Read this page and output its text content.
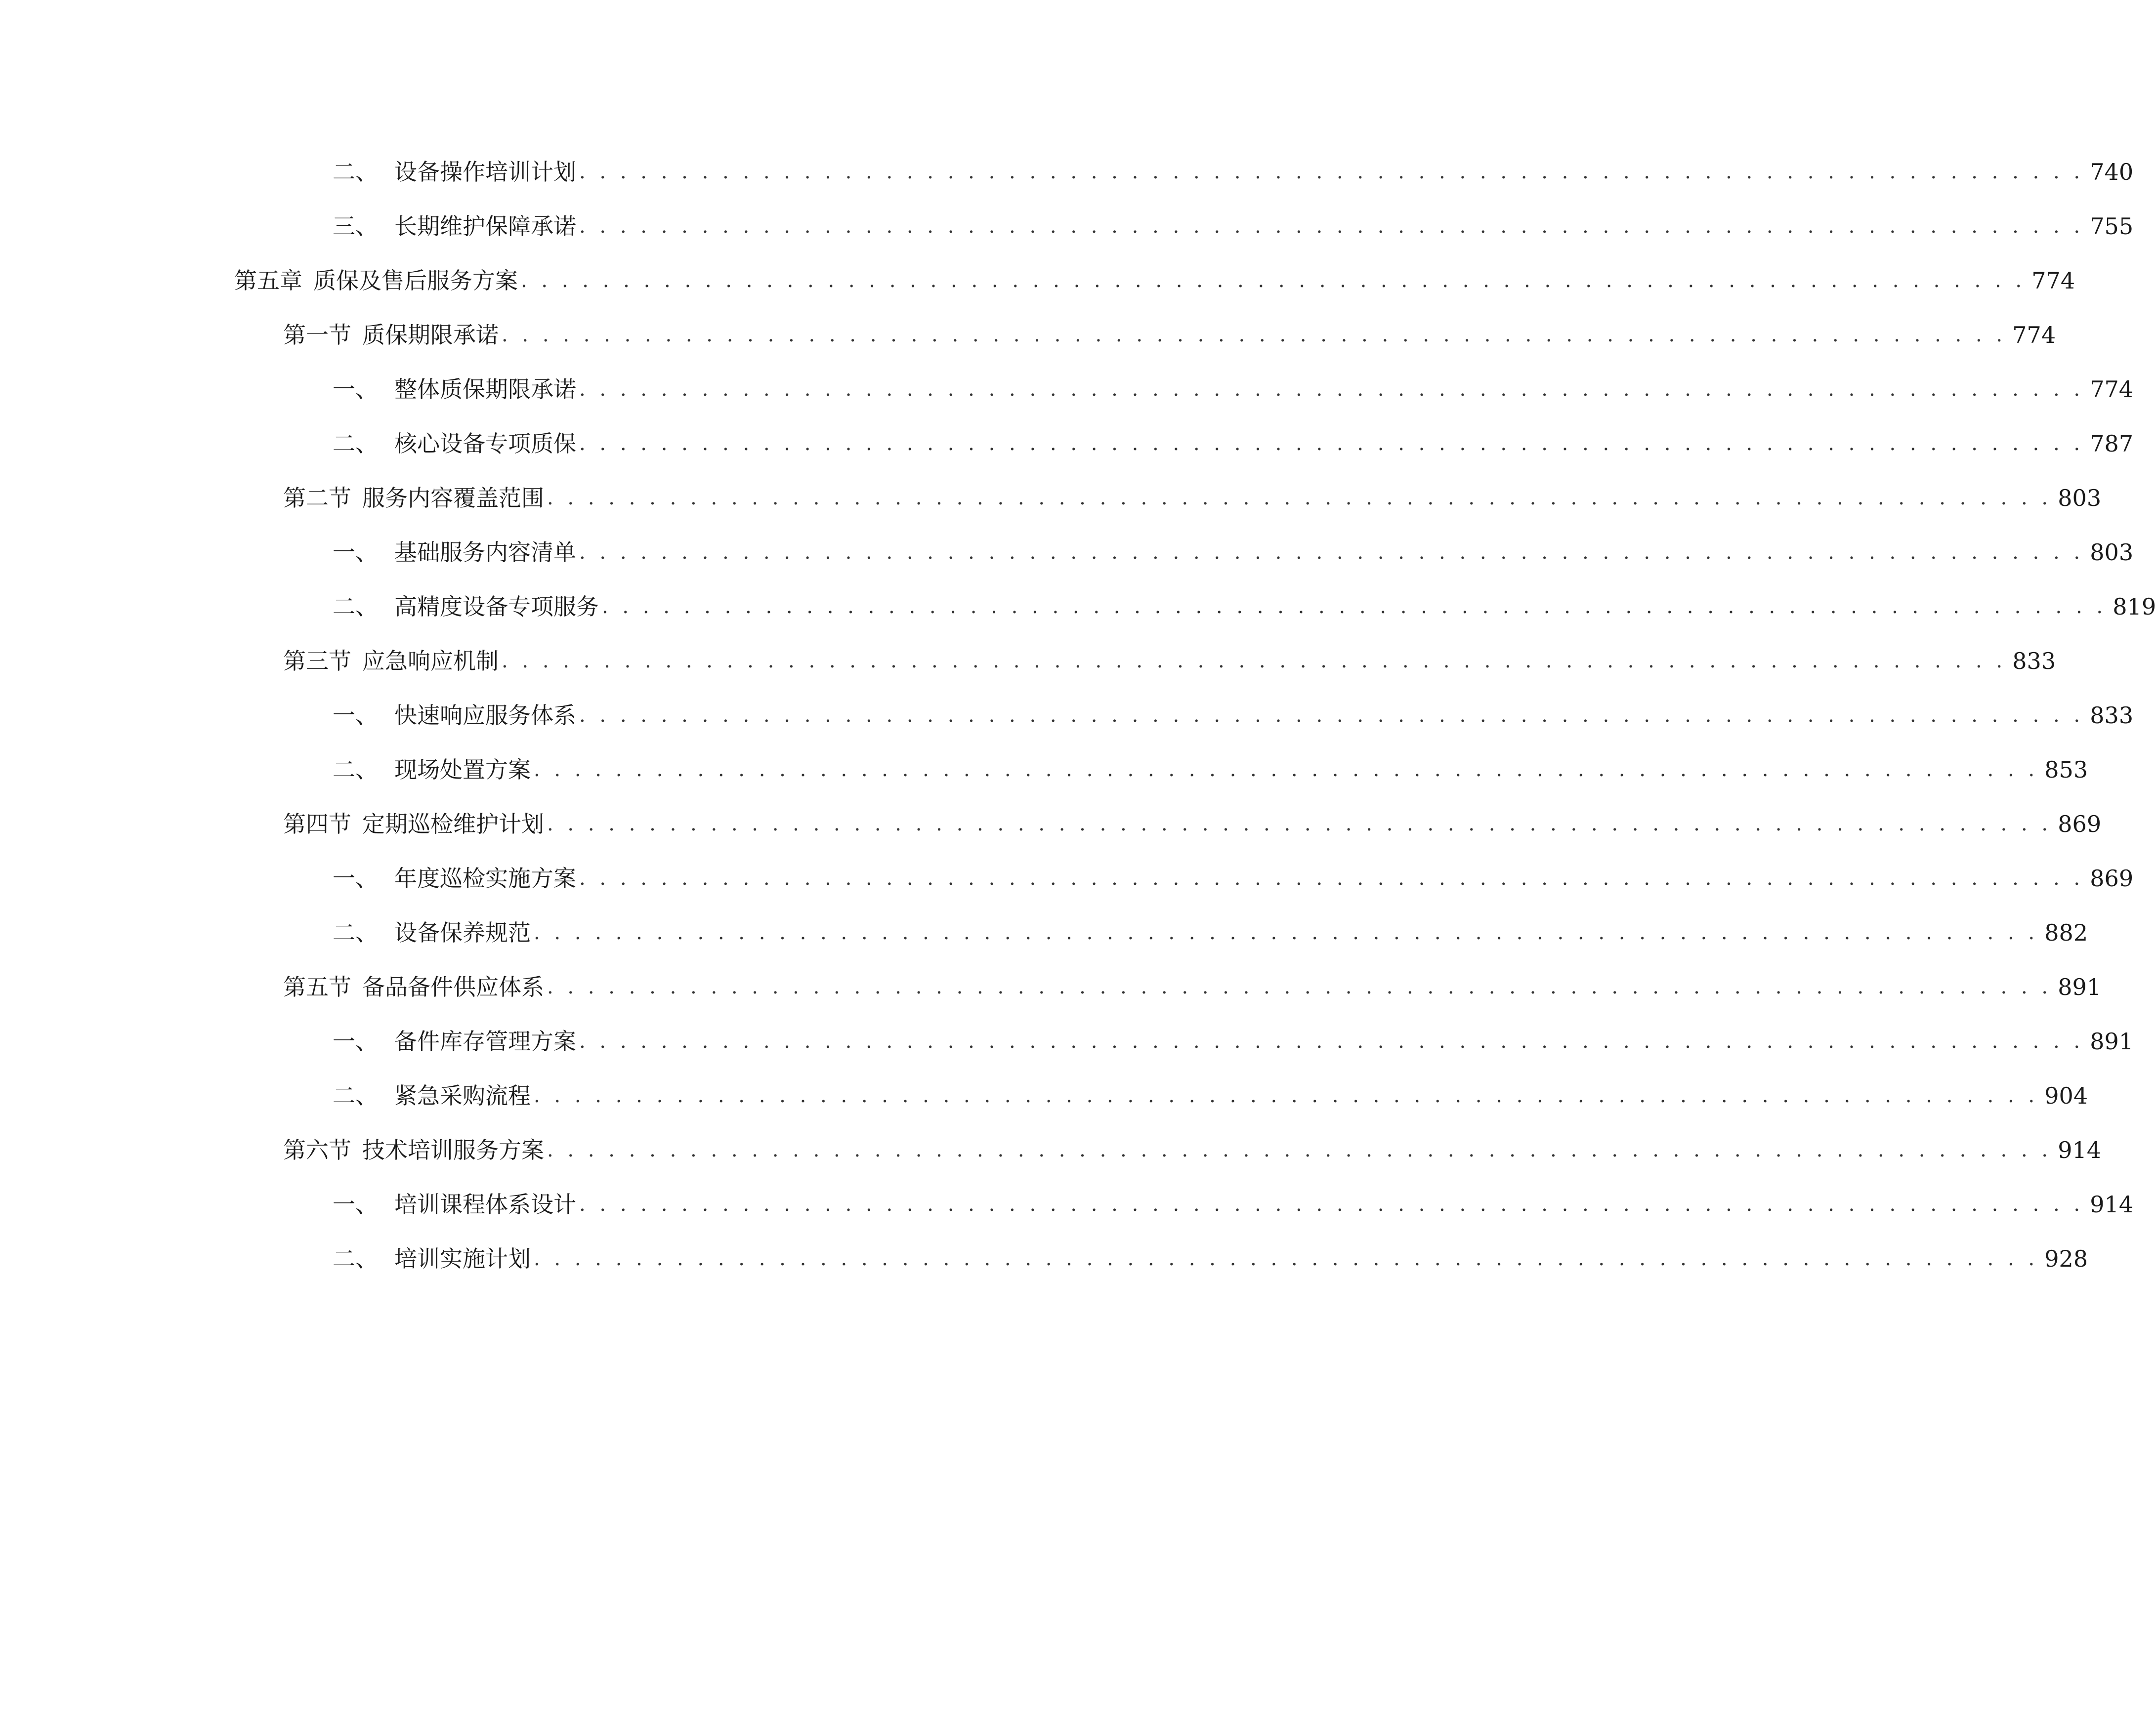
二、 设备操作培训计划 . . . . . . . . . . . . . . . . . . . . . . . . . . . . . . . . . . . . . . . . . . . . . . . . . . . . . . . . . . . . . . . . . . . . . . . . . . 740
三、 长期维护保障承诺 . . . . . . . . . . . . . . . . . . . . . . . . . . . . . . . . . . . . . . . . . . . . . . . . . . . . . . . . . . . . . . . . . . . . . . . . . . 755
第五章 质保及售后服务方案 . . . . . . . . . . . . . . . . . . . . . . . . . . . . . . . . . . . . . . . . . . . . . . . . . . . . . . . . . . . . . . . . . . . . . . . . . . 774
第一节 质保期限承诺 . . . . . . . . . . . . . . . . . . . . . . . . . . . . . . . . . . . . . . . . . . . . . . . . . . . . . . . . . . . . . . . . . . . . . . . . . . 774
一、 整体质保期限承诺 . . . . . . . . . . . . . . . . . . . . . . . . . . . . . . . . . . . . . . . . . . . . . . . . . . . . . . . . . . . . . . . . . . . . . . . . . . 774
二、 核心设备专项质保 . . . . . . . . . . . . . . . . . . . . . . . . . . . . . . . . . . . . . . . . . . . . . . . . . . . . . . . . . . . . . . . . . . . . . . . . . . 787
第二节 服务内容覆盖范围 . . . . . . . . . . . . . . . . . . . . . . . . . . . . . . . . . . . . . . . . . . . . . . . . . . . . . . . . . . . . . . . . . . . . . . . . . . 803
一、 基础服务内容清单 . . . . . . . . . . . . . . . . . . . . . . . . . . . . . . . . . . . . . . . . . . . . . . . . . . . . . . . . . . . . . . . . . . . . . . . . . . 803
二、 高精度设备专项服务 . . . . . . . . . . . . . . . . . . . . . . . . . . . . . . . . . . . . . . . . . . . . . . . . . . . . . . . . . . . . . . . . . . . . . . . . . . 819
第三节 应急响应机制 . . . . . . . . . . . . . . . . . . . . . . . . . . . . . . . . . . . . . . . . . . . . . . . . . . . . . . . . . . . . . . . . . . . . . . . . . . 833
一、 快速响应服务体系 . . . . . . . . . . . . . . . . . . . . . . . . . . . . . . . . . . . . . . . . . . . . . . . . . . . . . . . . . . . . . . . . . . . . . . . . . . 833
二、 现场处置方案 . . . . . . . . . . . . . . . . . . . . . . . . . . . . . . . . . . . . . . . . . . . . . . . . . . . . . . . . . . . . . . . . . . . . . . . . . . 853
第四节 定期巡检维护计划 . . . . . . . . . . . . . . . . . . . . . . . . . . . . . . . . . . . . . . . . . . . . . . . . . . . . . . . . . . . . . . . . . . . . . . . . . . 869
一、 年度巡检实施方案 . . . . . . . . . . . . . . . . . . . . . . . . . . . . . . . . . . . . . . . . . . . . . . . . . . . . . . . . . . . . . . . . . . . . . . . . . . 869
二、 设备保养规范 . . . . . . . . . . . . . . . . . . . . . . . . . . . . . . . . . . . . . . . . . . . . . . . . . . . . . . . . . . . . . . . . . . . . . . . . . . 882
第五节 备品备件供应体系 . . . . . . . . . . . . . . . . . . . . . . . . . . . . . . . . . . . . . . . . . . . . . . . . . . . . . . . . . . . . . . . . . . . . . . . . . . 891
一、 备件库存管理方案 . . . . . . . . . . . . . . . . . . . . . . . . . . . . . . . . . . . . . . . . . . . . . . . . . . . . . . . . . . . . . . . . . . . . . . . . . . 891
二、 紧急采购流程 . . . . . . . . . . . . . . . . . . . . . . . . . . . . . . . . . . . . . . . . . . . . . . . . . . . . . . . . . . . . . . . . . . . . . . . . . . 904
第六节 技术培训服务方案 . . . . . . . . . . . . . . . . . . . . . . . . . . . . . . . . . . . . . . . . . . . . . . . . . . . . . . . . . . . . . . . . . . . . . . . . . . 914
一、 培训课程体系设计 . . . . . . . . . . . . . . . . . . . . . . . . . . . . . . . . . . . . . . . . . . . . . . . . . . . . . . . . . . . . . . . . . . . . . . . . . . 914
二、 培训实施计划 . . . . . . . . . . . . . . . . . . . . . . . . . . . . . . . . . . . . . . . . . . . . . . . . . . . . . . . . . . . . . . . . . . . . . . . . . . 928
